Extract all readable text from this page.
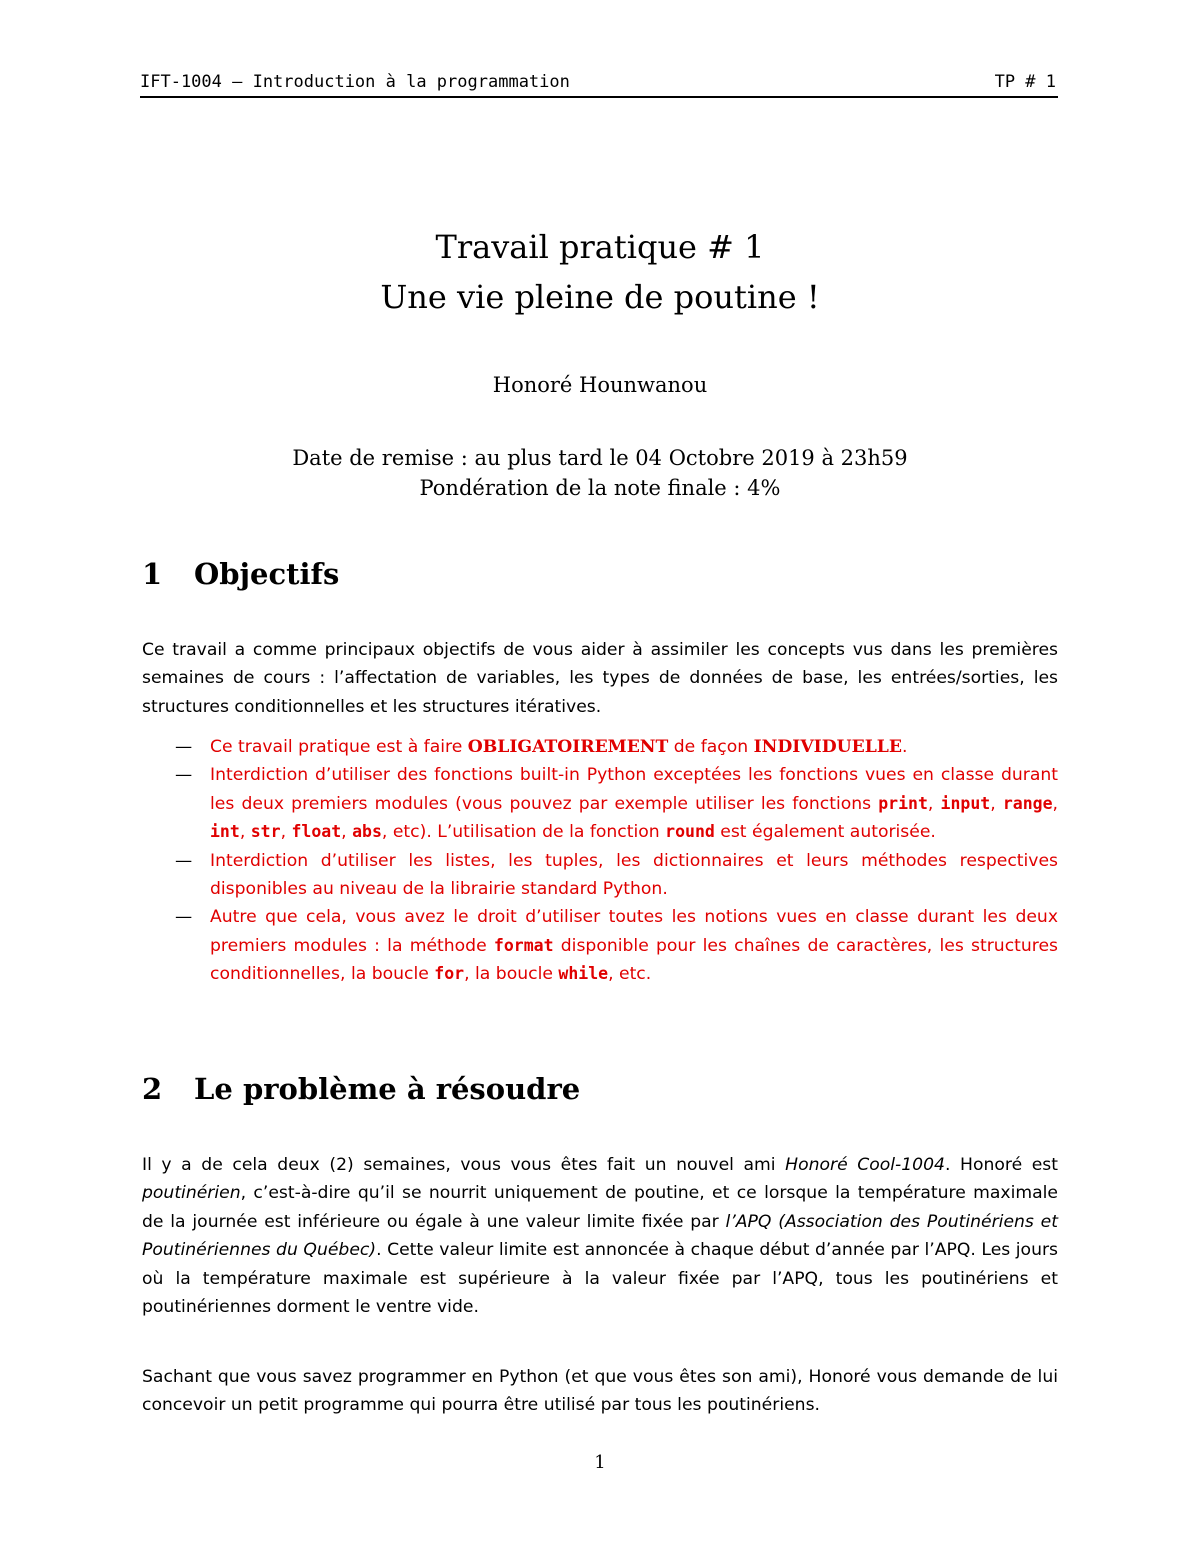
IFT-1004 — Introduction à la programmation	TP # 1
Travail pratique # 1
Une vie pleine de poutine !
Honoré Hounwanou
Date de remise : au plus tard le 04 Octobre 2019 à 23h59
Pondération de la note finale : 4%
1 Objectifs
Ce travail a comme principaux objectifs de vous aider à assimiler les concepts vus dans les premières semaines de cours : l’affectation de variables, les types de données de base, les entrées/sorties, les structures conditionnelles et les structures itératives.
— Ce travail pratique est à faire OBLIGATOIREMENT de façon INDIVIDUELLE.
— Interdiction d’utiliser des fonctions built-in Python exceptées les fonctions vues en classe durant les deux premiers modules (vous pouvez par exemple utiliser les fonctions print, input, range, int, str, float, abs, etc). L’utilisation de la fonction round est également autorisée.
— Interdiction d’utiliser les listes, les tuples, les dictionnaires et leurs méthodes respectives disponibles au niveau de la librairie standard Python.
— Autre que cela, vous avez le droit d’utiliser toutes les notions vues en classe durant les deux premiers modules : la méthode format disponible pour les chaînes de caractères, les structures conditionnelles, la boucle for, la boucle while, etc.
2 Le problème à résoudre
Il y a de cela deux (2) semaines, vous vous êtes fait un nouvel ami Honoré Cool-1004. Honoré est poutinérien, c’est-à-dire qu’il se nourrit uniquement de poutine, et ce lorsque la température maximale de la journée est inférieure ou égale à une valeur limite fixée par l’APQ (Association des Poutinériens et Poutinériennes du Québec). Cette valeur limite est annoncée à chaque début d’année par l’APQ. Les jours où la température maximale est supérieure à la valeur fixée par l’APQ, tous les poutinériens et poutinériennes dorment le ventre vide.
Sachant que vous savez programmer en Python (et que vous êtes son ami), Honoré vous demande de lui concevoir un petit programme qui pourra être utilisé par tous les poutinériens.
1
